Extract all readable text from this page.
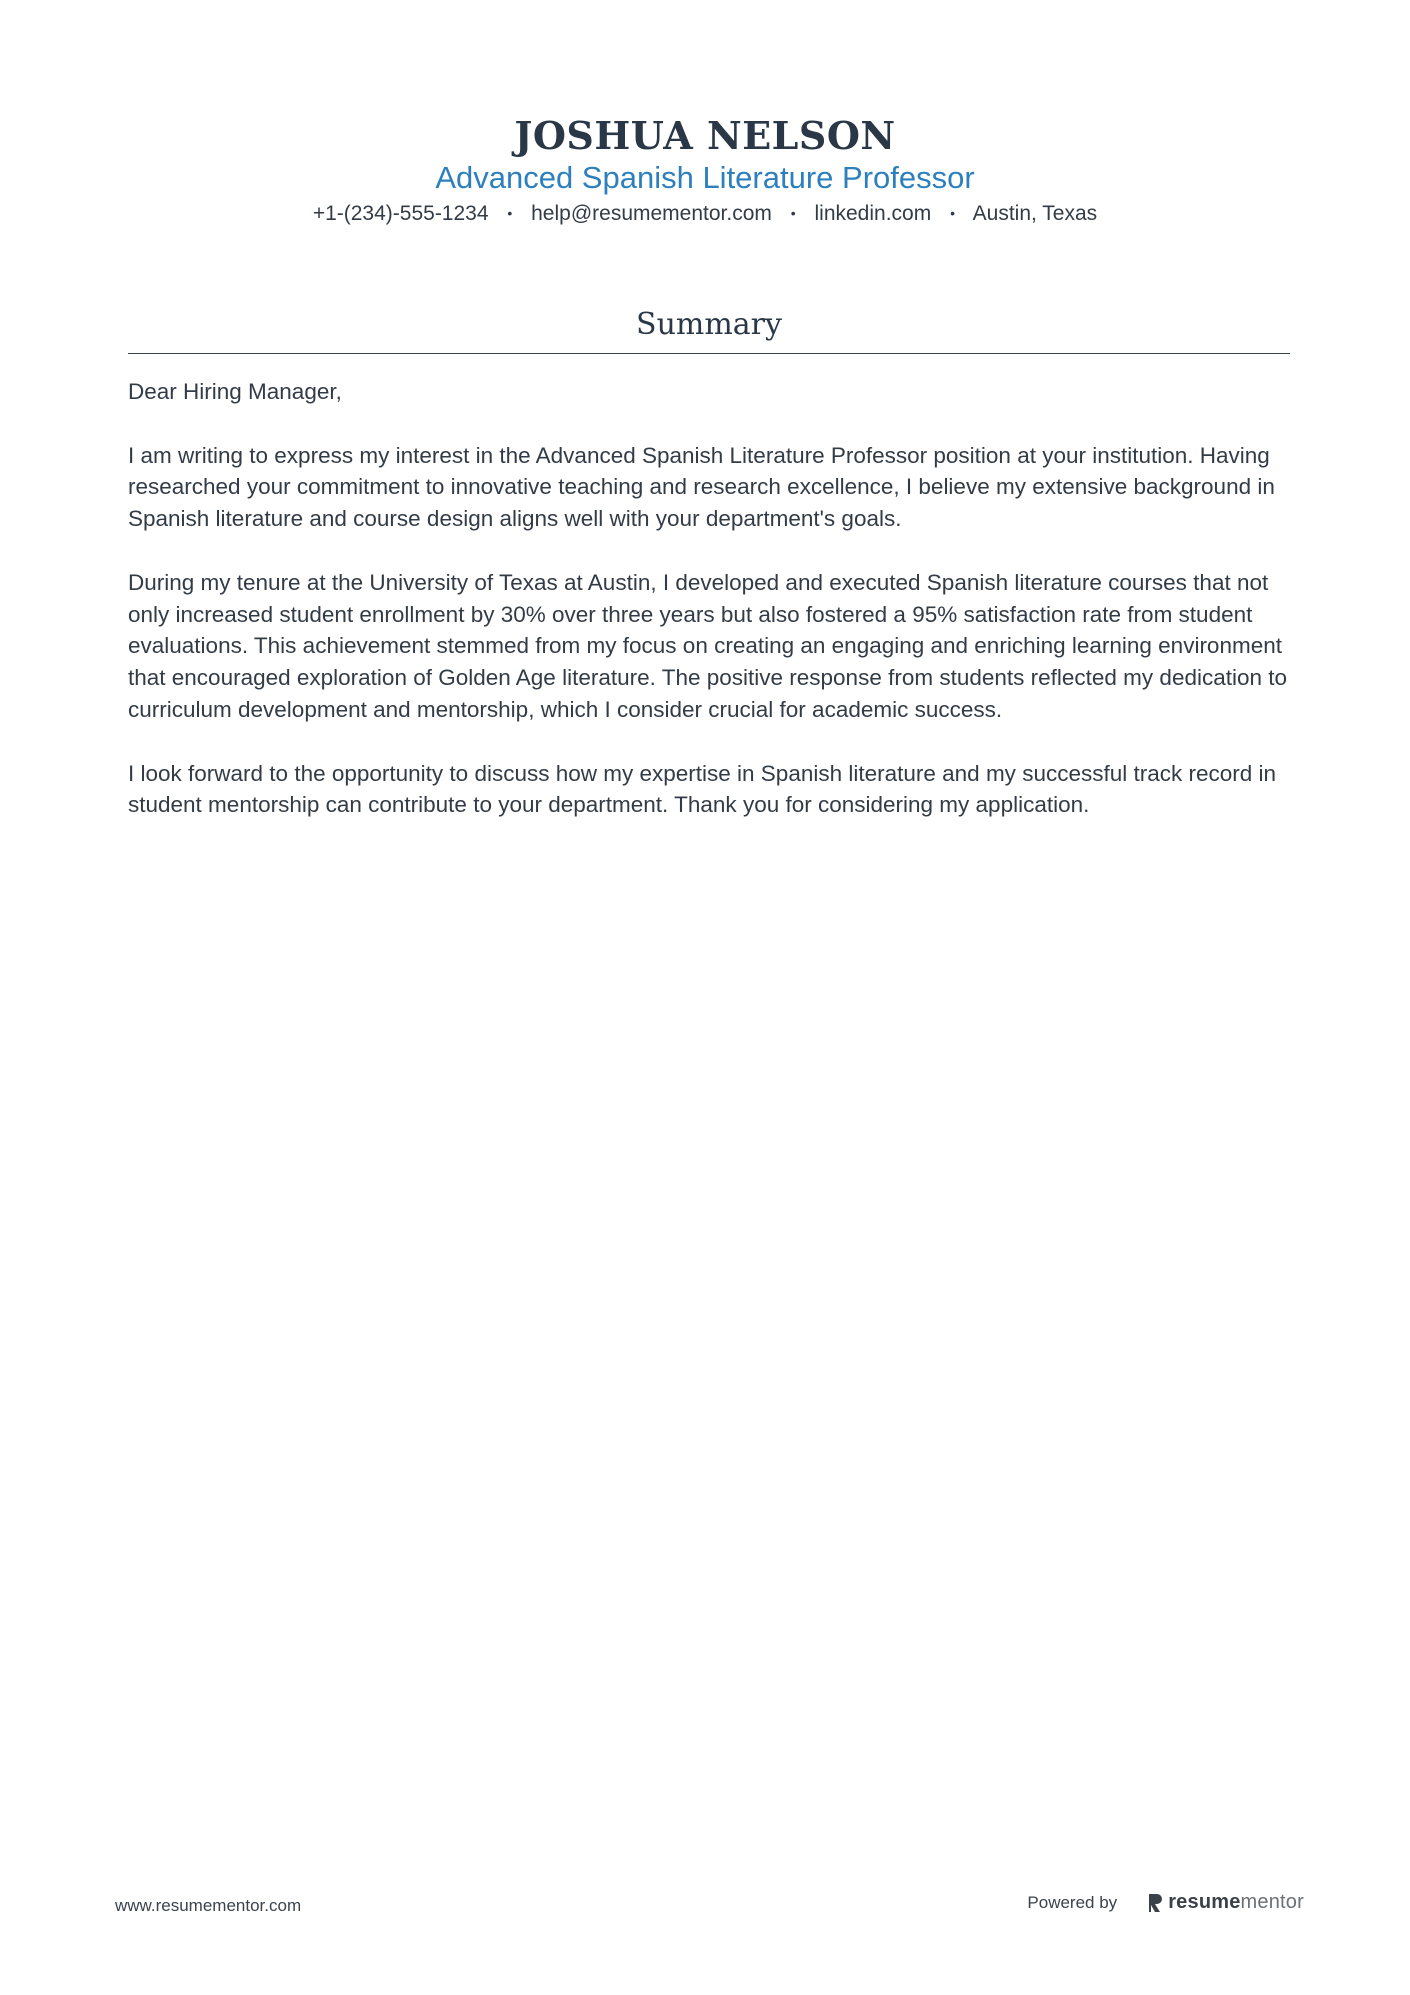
JOSHUA NELSON
Advanced Spanish Literature Professor
+1-(234)-555-1234 • help@resumementor.com • linkedin.com • Austin, Texas
Summary

Dear Hiring Manager,

I am writing to express my interest in the Advanced Spanish Literature Professor position at your institution. Having researched your commitment to innovative teaching and research excellence, I believe my extensive background in Spanish literature and course design aligns well with your department's goals.

During my tenure at the University of Texas at Austin, I developed and executed Spanish literature courses that not only increased student enrollment by 30% over three years but also fostered a 95% satisfaction rate from student evaluations. This achievement stemmed from my focus on creating an engaging and enriching learning environment that encouraged exploration of Golden Age literature. The positive response from students reflected my dedication to curriculum development and mentorship, which I consider crucial for academic success.

I look forward to the opportunity to discuss how my expertise in Spanish literature and my successful track record in student mentorship can contribute to your department. Thank you for considering my application.

www.resumementor.com	Powered by	resume mentor
